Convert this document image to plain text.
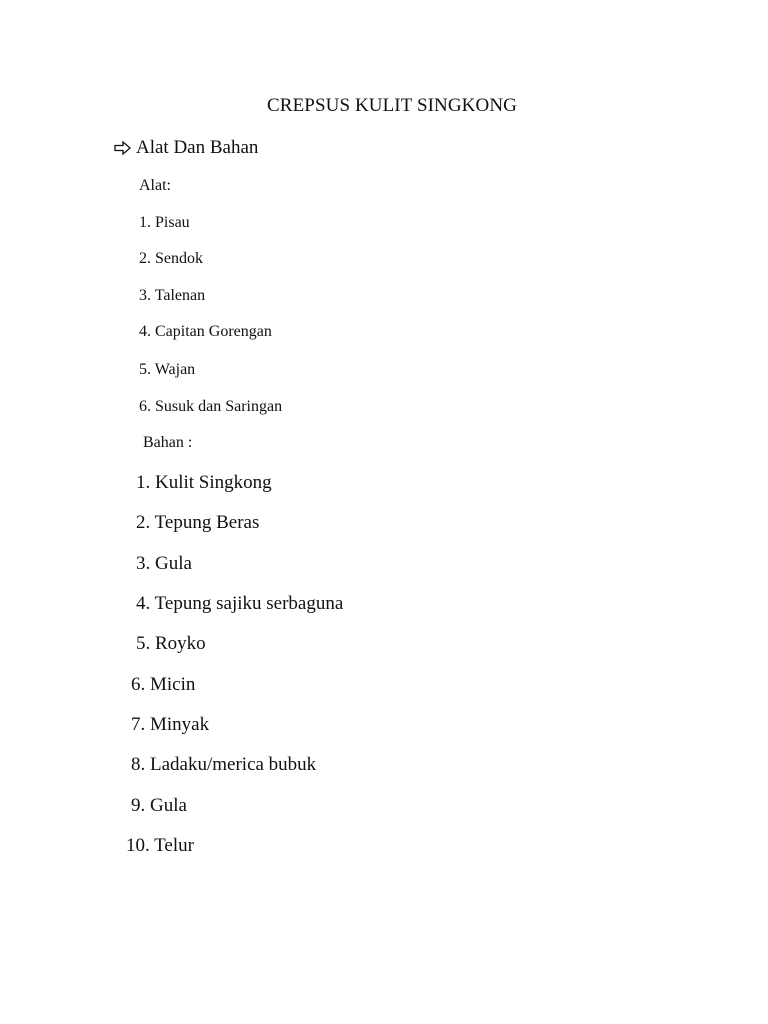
CREPSUS KULIT SINGKONG
Alat Dan Bahan
Alat:
1. Pisau
2. Sendok
3. Talenan
4. Capitan Gorengan
5. Wajan
6. Susuk dan Saringan
Bahan :
1. Kulit Singkong
2. Tepung Beras
3. Gula
4. Tepung sajiku serbaguna
5. Royko
6. Micin
7. Minyak
8. Ladaku/merica bubuk
9. Gula
10. Telur
